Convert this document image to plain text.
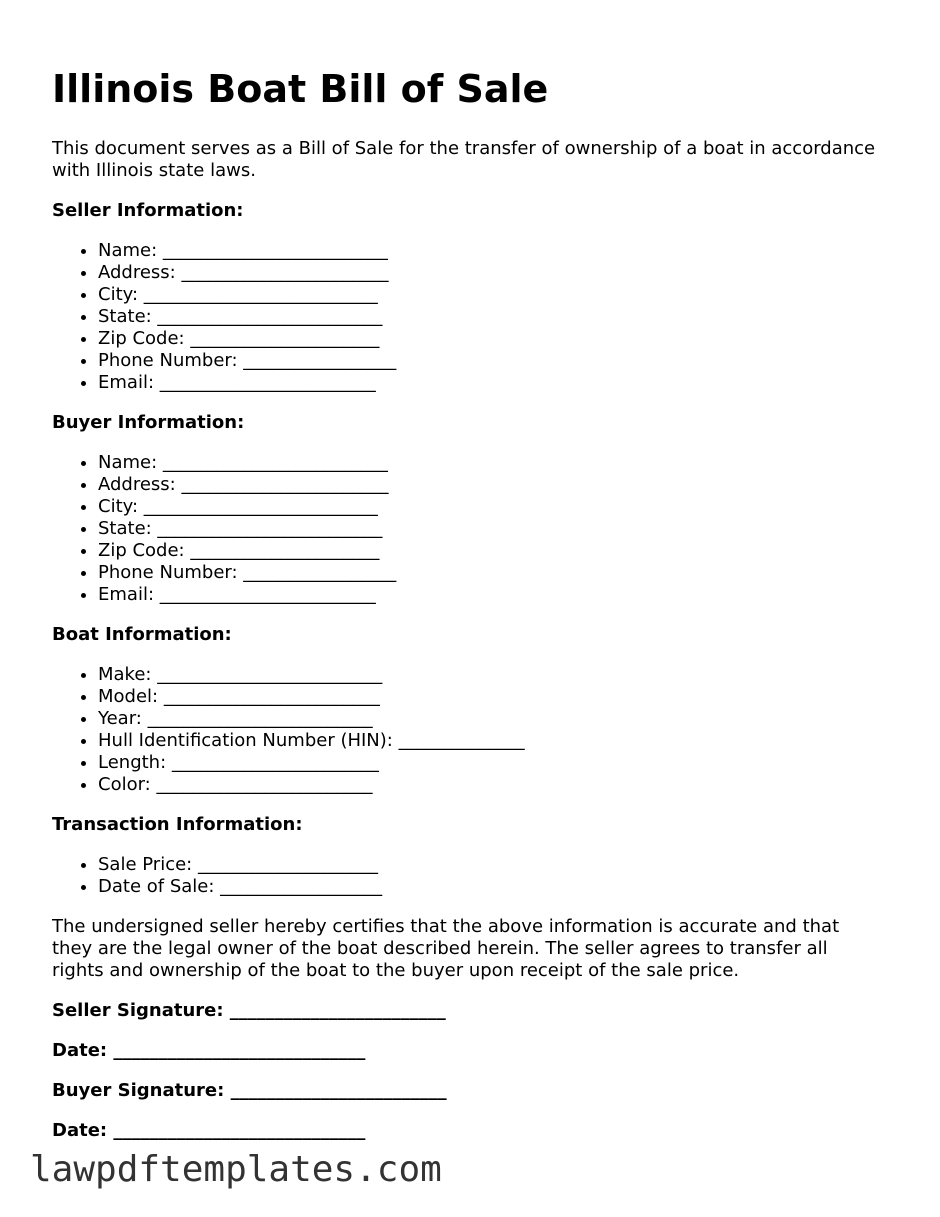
Illinois Boat Bill of Sale

This document serves as a Bill of Sale for the transfer of ownership of a boat in accordance with Illinois state laws.

Seller Information:
• Name: _________________________
• Address: _______________________
• City: __________________________
• State: _________________________
• Zip Code: _____________________
• Phone Number: _________________
• Email: ________________________
Buyer Information:
• Name: _________________________
• Address: _______________________
• City: __________________________
• State: _________________________
• Zip Code: _____________________
• Phone Number: _________________
• Email: ________________________
Boat Information:
• Make: _________________________
• Model: ________________________
• Year: _________________________
• Hull Identification Number (HIN): ______________
• Length: _______________________
• Color: ________________________
Transaction Information:
• Sale Price: ____________________
• Date of Sale: __________________

The undersigned seller hereby certifies that the above information is accurate and that they are the legal owner of the boat described herein. The seller agrees to transfer all rights and ownership of the boat to the buyer upon receipt of the sale price.

Seller Signature: ________________________
Date: ____________________________
Buyer Signature: ________________________
Date: ____________________________
lawpdftemplates.com
